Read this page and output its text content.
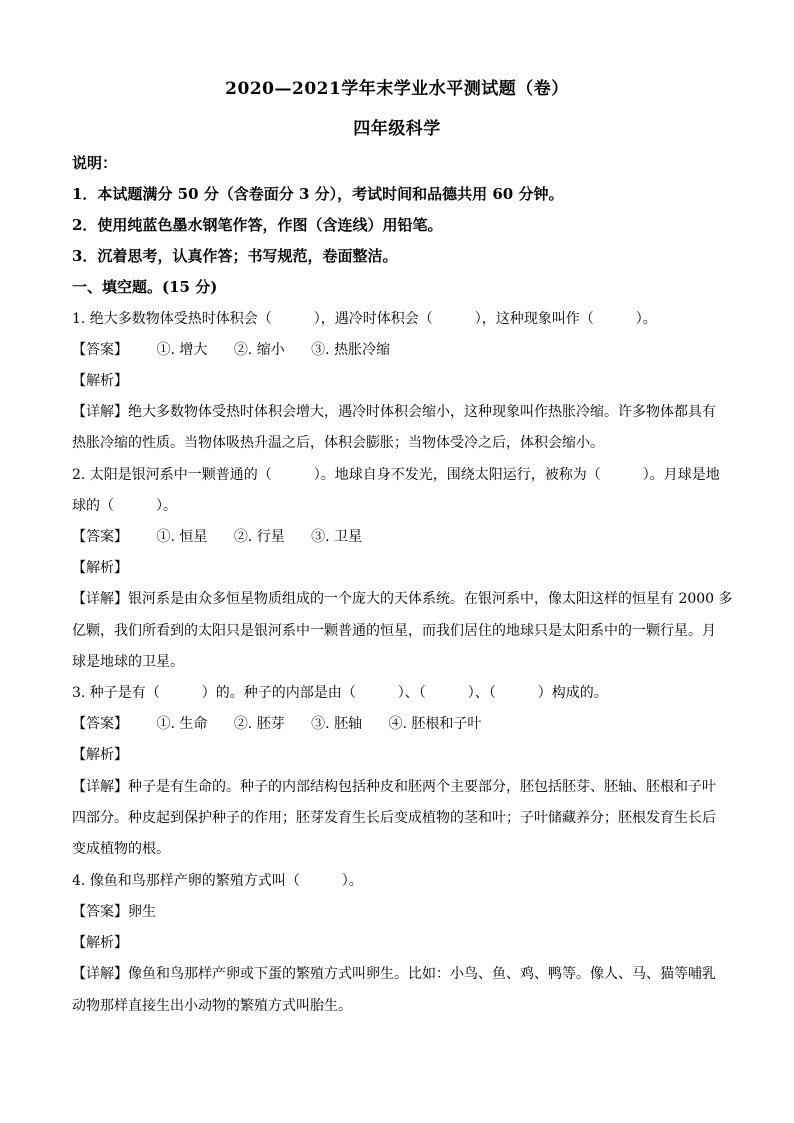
2020—2021学年末学业水平测试题（卷）
四年级科学
说明：
1．本试题满分 50 分（含卷面分 3 分），考试时间和品德共用 60 分钟。
2．使用纯蓝色墨水钢笔作答，作图（含连线）用铅笔。
3．沉着思考，认真作答；书写规范，卷面整洁。
一、填空题。(15 分)
1. 绝大多数物体受热时体积会（　　　），遇冷时体积会（　　　），这种现象叫作（　　　）。
【答案】 ①. 增大 ②. 缩小 ③. 热胀冷缩
【解析】
【详解】绝大多数物体受热时体积会增大，遇冷时体积会缩小，这种现象叫作热胀冷缩。许多物体都具有
热胀冷缩的性质。当物体吸热升温之后，体积会膨胀；当物体受冷之后，体积会缩小。
2. 太阳是银河系中一颗普通的（　　　）。地球自身不发光，围绕太阳运行，被称为（　　　）。月球是地
球的（　　　）。
【答案】 ①. 恒星 ②. 行星 ③. 卫星
【解析】
【详解】银河系是由众多恒星物质组成的一个庞大的天体系统。在银河系中，像太阳这样的恒星有 2000 多
亿颗，我们所看到的太阳只是银河系中一颗普通的恒星，而我们居住的地球只是太阳系中的一颗行星。月
球是地球的卫星。
3. 种子是有（　　　）的。种子的内部是由（　　　）、（　　　）、（　　　）构成的。
【答案】 ①. 生命 ②. 胚芽 ③. 胚轴 ④. 胚根和子叶
【解析】
【详解】种子是有生命的。种子的内部结构包括种皮和胚两个主要部分，胚包括胚芽、胚轴、胚根和子叶
四部分。种皮起到保护种子的作用；胚芽发育生长后变成植物的茎和叶；子叶储藏养分；胚根发育生长后
变成植物的根。
4. 像鱼和鸟那样产卵的繁殖方式叫（　　　）。
【答案】卵生
【解析】
【详解】像鱼和鸟那样产卵或下蛋的繁殖方式叫卵生。比如：小鸟、鱼、鸡、鸭等。像人、马、猫等哺乳
动物那样直接生出小动物的繁殖方式叫胎生。
